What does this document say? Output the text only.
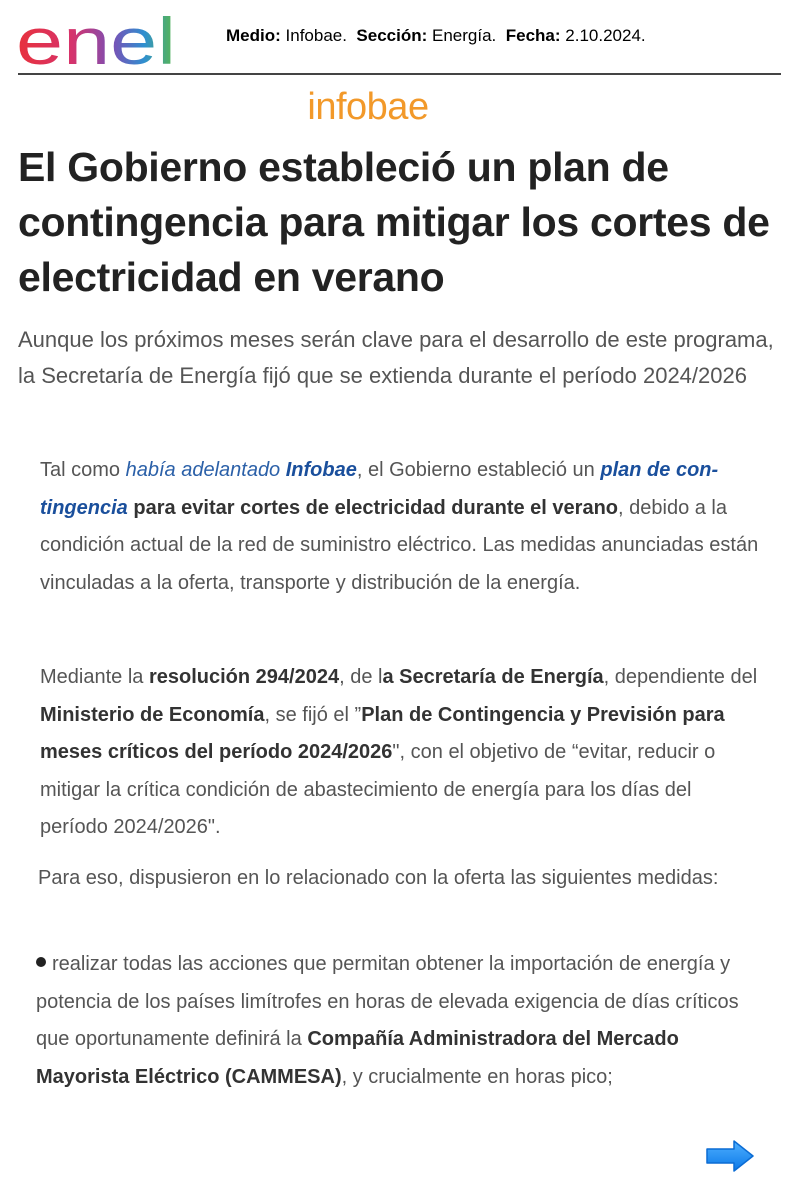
enel	Medio: Infobae. Sección: Energía. Fecha: 2.10.2024.
infobae
El Gobierno estableció un plan de contingencia para mitigar los cortes de electricidad en verano
Aunque los próximos meses serán clave para el desarrollo de este programa, la Secretaría de Energía fijó que se extienda durante el período 2024/2026

Tal como había adelantado Infobae, el Gobierno estableció un plan de con-tingencia para evitar cortes de electricidad durante el verano, debido a la condición actual de la red de suministro eléctrico. Las medidas anunciadas están vinculadas a la oferta, transporte y distribución de la energía.

Mediante la resolución 294/2024, de la Secretaría de Energía, dependiente del Ministerio de Economía, se fijó el ”Plan de Contingencia y Previsión para meses críticos del período 2024/2026", con el objetivo de “evitar, reducir o mitigar la crítica condición de abastecimiento de energía para los días del período 2024/2026".

Para eso, dispusieron en lo relacionado con la oferta las siguientes medidas:

realizar todas las acciones que permitan obtener la importación de energía y potencia de los países limítrofes en horas de elevada exigencia de días críticos que oportunamente definirá la Compañía Administradora del Mercado Mayorista Eléctrico (CAMMESA), y crucialmente en horas pico;
